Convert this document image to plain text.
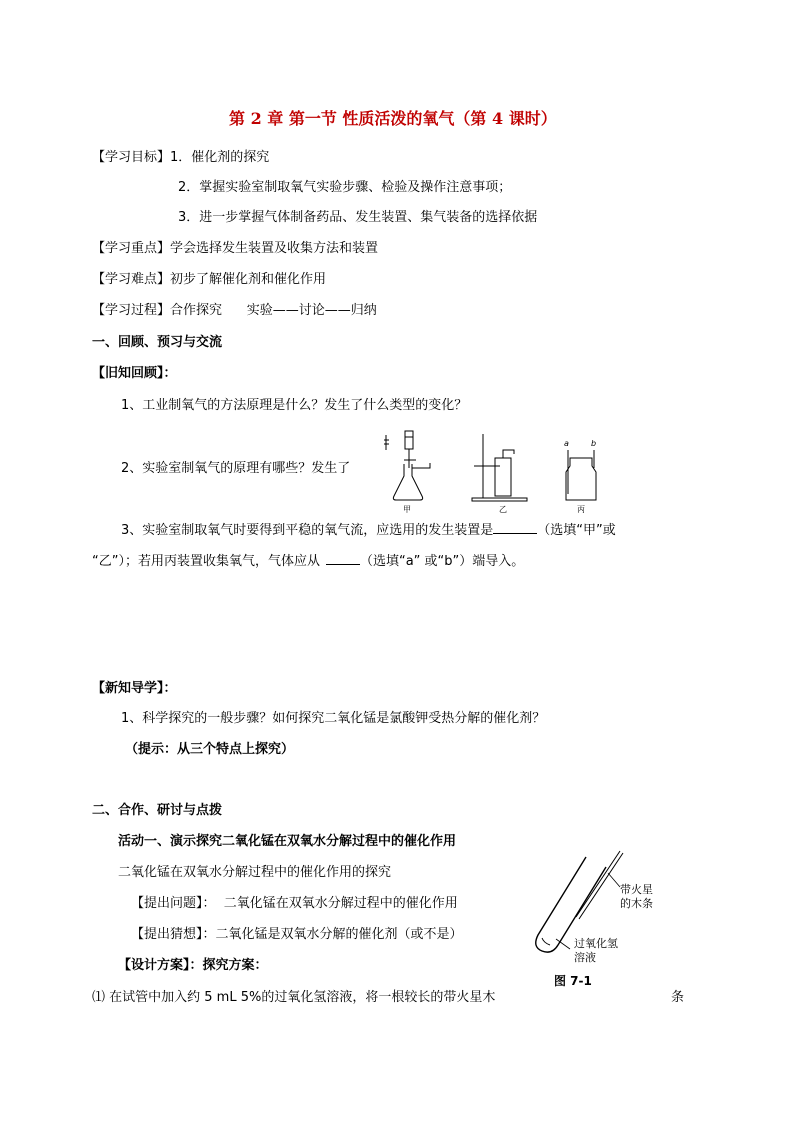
第 2 章 第一节 性质活泼的氧气（第 4 课时）
【学习目标】1．催化剂的探究
2．掌握实验室制取氧气实验步骤、检验及操作注意事项；
3．进一步掌握气体制备药品、发生装置、集气装备的选择依据
【学习重点】学会选择发生装置及收集方法和装置
【学习难点】初步了解催化剂和催化作用
【学习过程】合作探究      实验——讨论——归纳
一、回顾、预习与交流
【旧知回顾】：
1、工业制氧气的方法原理是什么？发生了什么类型的变化？
2、实验室制氧气的原理有哪些？发生了
甲	乙
a	b
丙
3、实验室制取氧气时要得到平稳的氧气流，应选用的发生装置是	（选填“甲”或
“乙”）；若用丙装置收集氧气，气体应从	（选填“a” 或“b”）端导入。
【新知导学】：
1、科学探究的一般步骤？如何探究二氧化锰是氯酸钾受热分解的催化剂？
（提示：从三个特点上探究）
二、合作、研讨与点拨
活动一、演示探究二氧化锰在双氧水分解过程中的催化作用
二氧化锰在双氧水分解过程中的催化作用的探究
【提出问题】：  二氧化锰在双氧水分解过程中的催化作用
【提出猜想】：二氧化锰是双氧水分解的催化剂（或不是）
【设计方案】：探究方案：
⑴ 在试管中加入约 5 mL 5%的过氧化氢溶液，将一根较长的带火星木	条
带火星
的木条
过氧化氢
溶液
图 7-1
